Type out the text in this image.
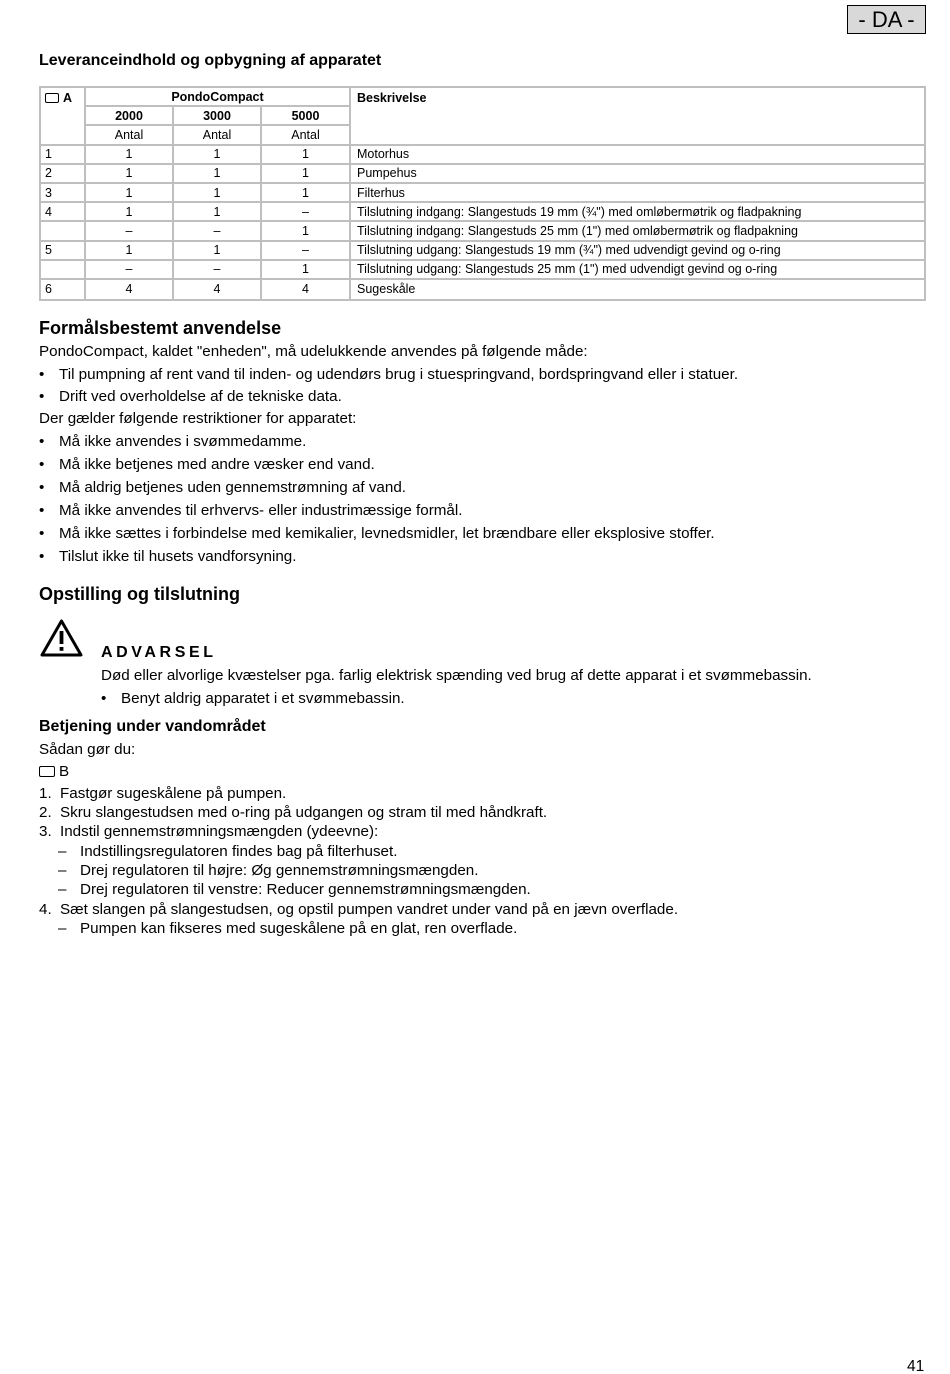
- DA -
Leveranceindhold og opbygning af apparatet
A	PondoCompact			Beskrivelse
	2000	3000	5000	
	Antal	Antal	Antal	
1	1	1	1	Motorhus
2	1	1	1	Pumpehus
3	1	1	1	Filterhus
4	1	1	–	Tilslutning indgang: Slangestuds 19 mm (¾") med omløbermøtrik og fladpakning
	–	–	1	Tilslutning indgang: Slangestuds 25 mm (1") med omløbermøtrik og fladpakning
5	1	1	–	Tilslutning udgang: Slangestuds 19 mm (¾") med udvendigt gevind og o-ring
	–	–	1	Tilslutning udgang: Slangestuds 25 mm (1") med udvendigt gevind og o-ring
6	4	4	4	Sugeskåle
Formålsbestemt anvendelse
PondoCompact, kaldet "enheden", må udelukkende anvendes på følgende måde:
• Til pumpning af rent vand til inden- og udendørs brug i stuespringvand, bordspringvand eller i statuer.
• Drift ved overholdelse af de tekniske data.
Der gælder følgende restriktioner for apparatet:
• Må ikke anvendes i svømmedamme.
• Må ikke betjenes med andre væsker end vand.
• Må aldrig betjenes uden gennemstrømning af vand.
• Må ikke anvendes til erhvervs- eller industrimæssige formål.
• Må ikke sættes i forbindelse med kemikalier, levnedsmidler, let brændbare eller eksplosive stoffer.
• Tilslut ikke til husets vandforsyning.
Opstilling og tilslutning
ADVARSEL
Død eller alvorlige kvæstelser pga. farlig elektrisk spænding ved brug af dette apparat i et svømmebassin.
• Benyt aldrig apparatet i et svømmebassin.
Betjening under vandområdet
Sådan gør du:
B
1. Fastgør sugeskålene på pumpen.
2. Skru slangestudsen med o-ring på udgangen og stram til med håndkraft.
3. Indstil gennemstrømningsmængden (ydeevne):
– Indstillingsregulatoren findes bag på filterhuset.
– Drej regulatoren til højre: Øg gennemstrømningsmængden.
– Drej regulatoren til venstre: Reducer gennemstrømningsmængden.
4. Sæt slangen på slangestudsen, og opstil pumpen vandret under vand på en jævn overflade.
– Pumpen kan fikseres med sugeskålene på en glat, ren overflade.
41
